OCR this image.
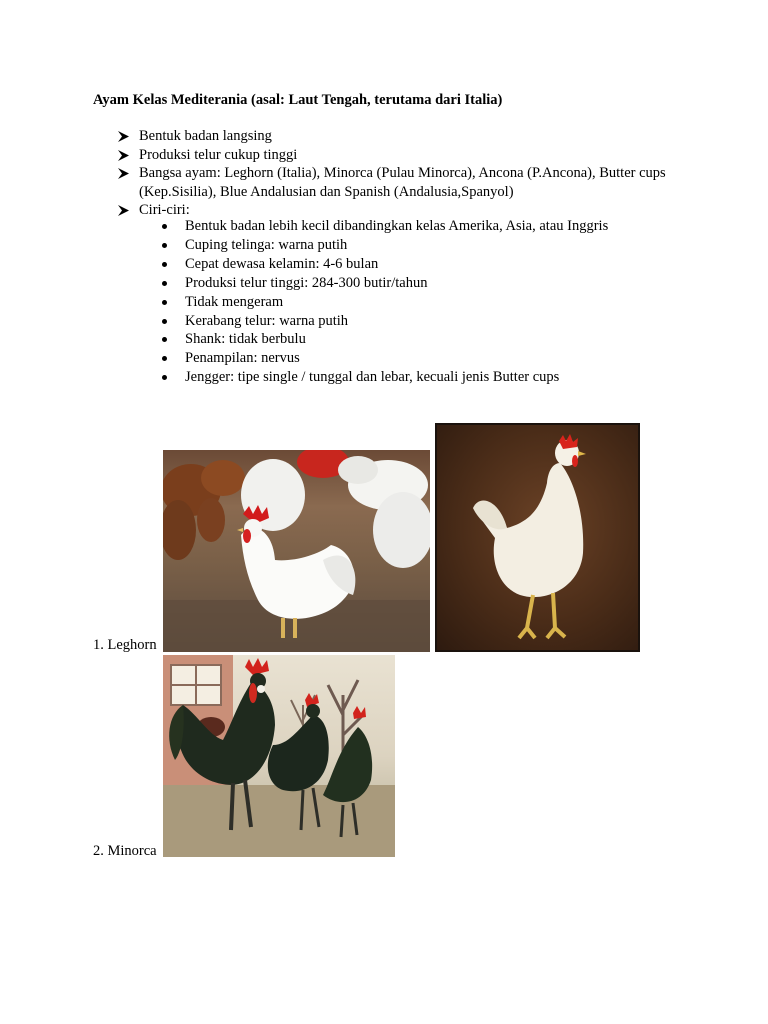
Ayam Kelas Mediterania (asal: Laut Tengah, terutama dari Italia)
Bentuk badan langsing
Produksi telur cukup tinggi
Bangsa ayam: Leghorn (Italia), Minorca (Pulau Minorca), Ancona (P.Ancona), Butter cups (Kep.Sisilia), Blue Andalusian dan Spanish (Andalusia,Spanyol)
Ciri-ciri:
Bentuk badan lebih kecil dibandingkan kelas Amerika, Asia, atau Inggris
Cuping telinga: warna putih
Cepat dewasa kelamin: 4-6 bulan
Produksi telur tinggi: 284-300 butir/tahun
Tidak mengeram
Kerabang telur: warna putih
Shank: tidak berbulu
Penampilan: nervus
Jengger: tipe single / tunggal dan lebar, kecuali jenis Butter cups
1. Leghorn
2. Minorca
